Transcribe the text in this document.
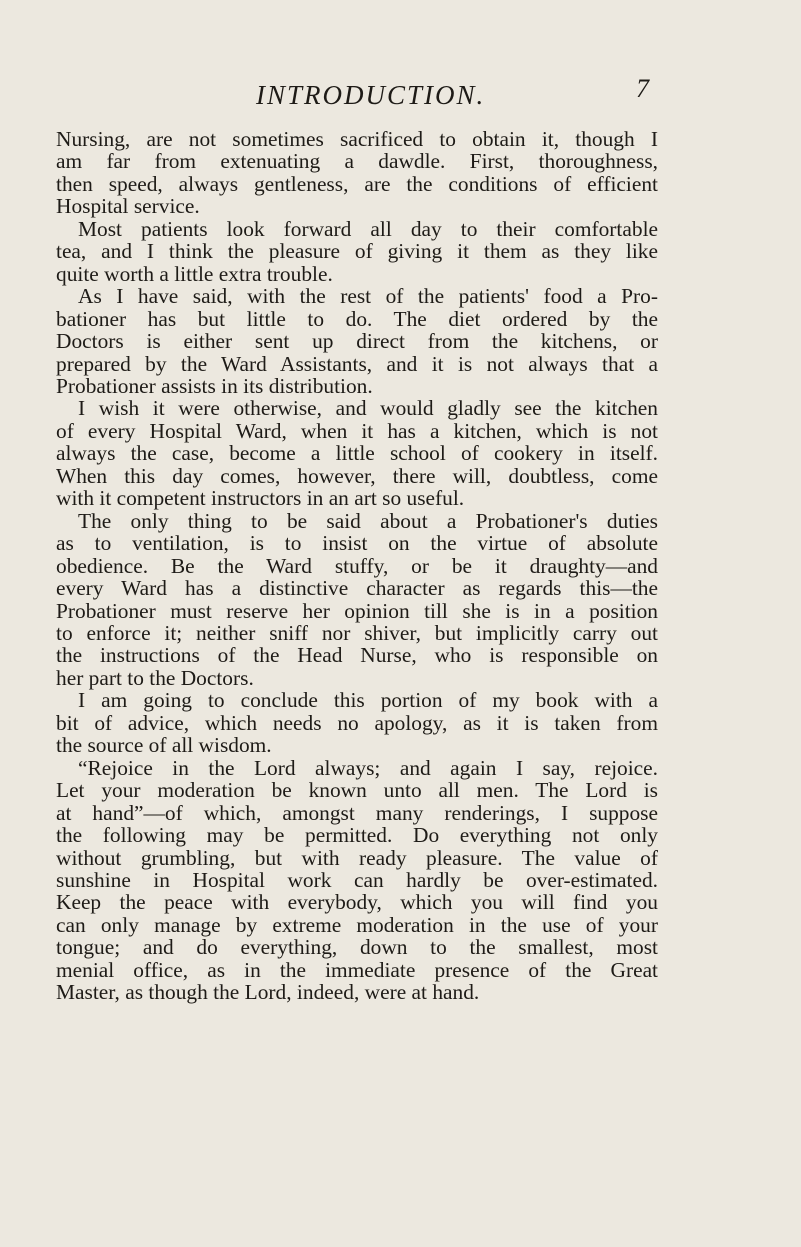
INTRODUCTION.	7
Nursing, are not sometimes sacrificed to obtain it, though I
am far from extenuating a dawdle. First, thoroughness,
then speed, always gentleness, are the conditions of efficient
Hospital service.
Most patients look forward all day to their comfortable
tea, and I think the pleasure of giving it them as they like
quite worth a little extra trouble.
As I have said, with the rest of the patients' food a Pro-
bationer has but little to do. The diet ordered by the
Doctors is either sent up direct from the kitchens, or
prepared by the Ward Assistants, and it is not always that a
Probationer assists in its distribution.
I wish it were otherwise, and would gladly see the kitchen
of every Hospital Ward, when it has a kitchen, which is not
always the case, become a little school of cookery in itself.
When this day comes, however, there will, doubtless, come
with it competent instructors in an art so useful.
The only thing to be said about a Probationer's duties
as to ventilation, is to insist on the virtue of absolute
obedience. Be the Ward stuffy, or be it draughty—and
every Ward has a distinctive character as regards this—the
Probationer must reserve her opinion till she is in a position
to enforce it; neither sniff nor shiver, but implicitly carry out
the instructions of the Head Nurse, who is responsible on
her part to the Doctors.
I am going to conclude this portion of my book with a
bit of advice, which needs no apology, as it is taken from
the source of all wisdom.
“Rejoice in the Lord always; and again I say, rejoice.
Let your moderation be known unto all men. The Lord is
at hand”—of which, amongst many renderings, I suppose
the following may be permitted. Do everything not only
without grumbling, but with ready pleasure. The value of
sunshine in Hospital work can hardly be over-estimated.
Keep the peace with everybody, which you will find you
can only manage by extreme moderation in the use of your
tongue; and do everything, down to the smallest, most
menial office, as in the immediate presence of the Great
Master, as though the Lord, indeed, were at hand.
